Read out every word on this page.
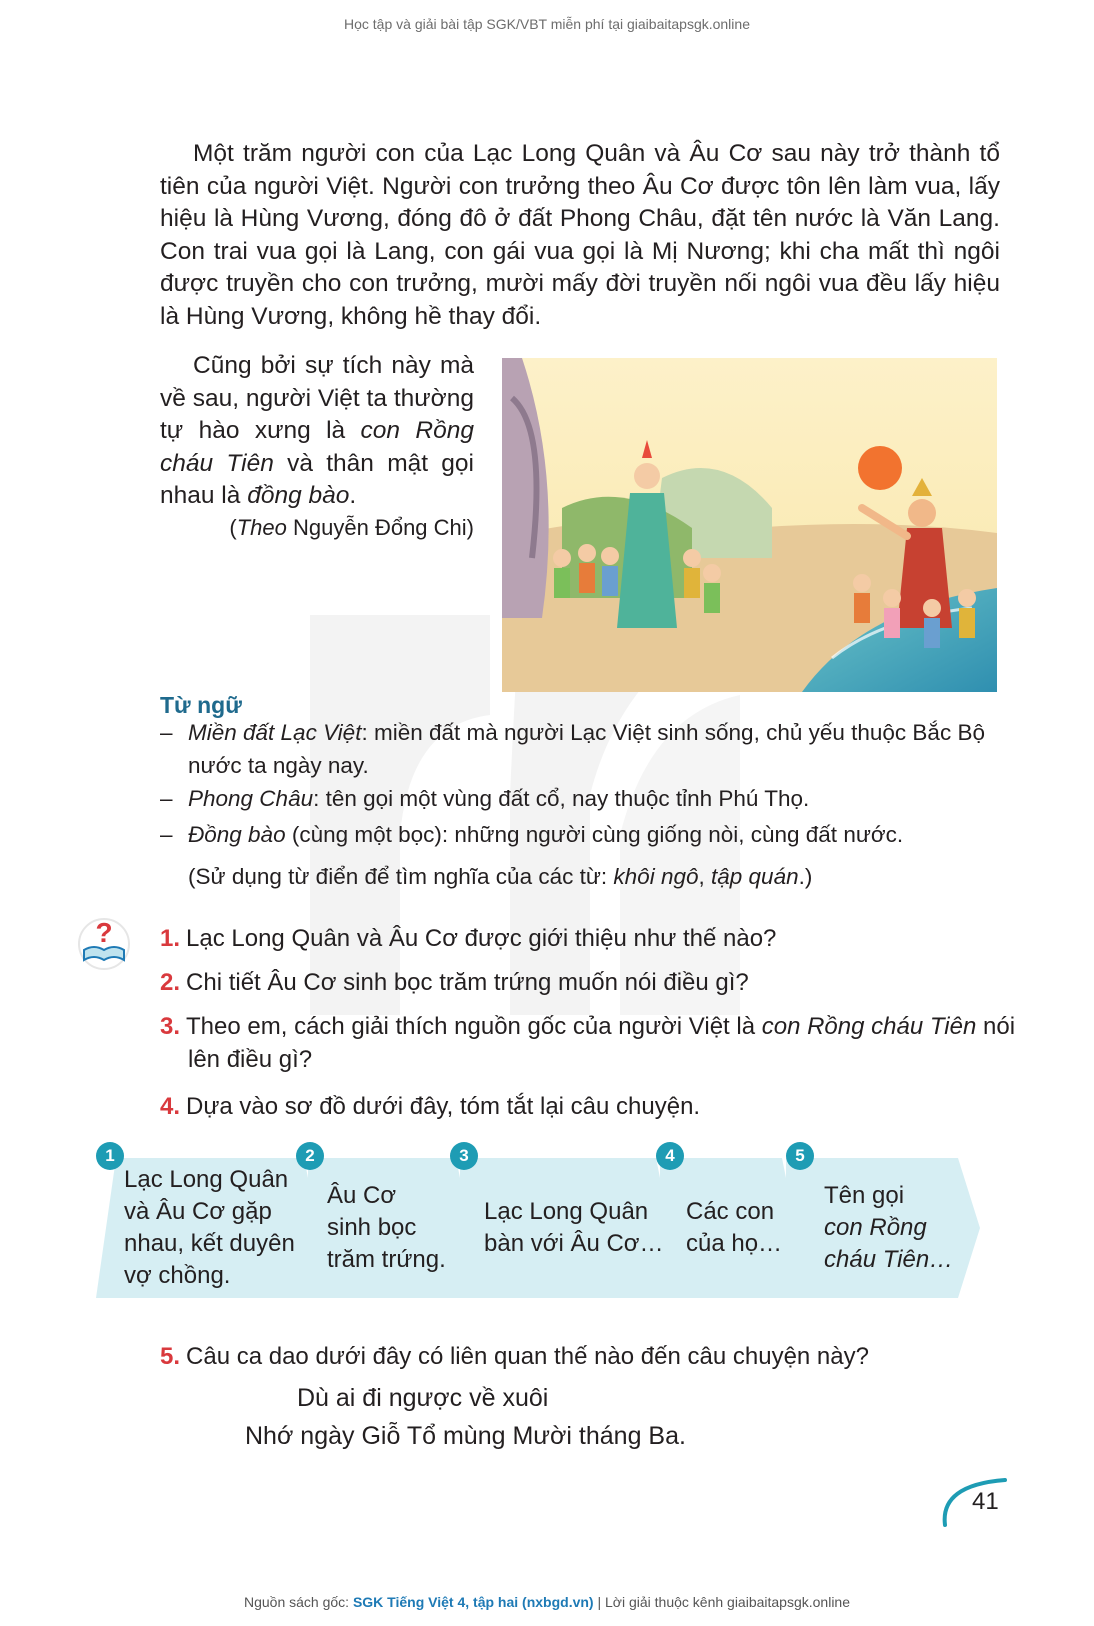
Học tập và giải bài tập SGK/VBT miễn phí tại giaibaitapsgk.online

Một trăm người con của Lạc Long Quân và Âu Cơ sau này trở thành tổ tiên của người Việt. Người con trưởng theo Âu Cơ được tôn lên làm vua, lấy hiệu là Hùng Vương, đóng đô ở đất Phong Châu, đặt tên nước là Văn Lang. Con trai vua gọi là Lang, con gái vua gọi là Mị Nương; khi cha mất thì ngôi được truyền cho con trưởng, mười mấy đời truyền nối ngôi vua đều lấy hiệu là Hùng Vương, không hề thay đổi.

Cũng bởi sự tích này mà về sau, người Việt ta thường tự hào xưng là con Rồng cháu Tiên và thân mật gọi nhau là đồng bào.

(Theo Nguyễn Đổng Chi)
Từ ngữ
– Miền đất Lạc Việt: miền đất mà người Lạc Việt sinh sống, chủ yếu thuộc Bắc Bộ nước ta ngày nay.
– Phong Châu: tên gọi một vùng đất cổ, nay thuộc tỉnh Phú Thọ.
– Đồng bào (cùng một bọc): những người cùng giống nòi, cùng đất nước.
(Sử dụng từ điển để tìm nghĩa của các từ: khôi ngô, tập quán.)
? 1. Lạc Long Quân và Âu Cơ được giới thiệu như thế nào?
2. Chi tiết Âu Cơ sinh bọc trăm trứng muốn nói điều gì?
3. Theo em, cách giải thích nguồn gốc của người Việt là con Rồng cháu Tiên nói lên điều gì?
4. Dựa vào sơ đồ dưới đây, tóm tắt lại câu chuyện.
1	2	3	4	5
Lạc Long Quân
và Âu Cơ gặp
nhau, kết duyên
vợ chồng.
Âu Cơ
sinh bọc
trăm trứng.
Lạc Long Quân
bàn với Âu Cơ…
Các con
của họ…
Tên gọi
con Rồng
cháu Tiên…
5. Câu ca dao dưới đây có liên quan thế nào đến câu chuyện này?
Dù ai đi ngược về xuôi
Nhớ ngày Giỗ Tổ mùng Mười tháng Ba.
41
Nguồn sách gốc: SGK Tiếng Việt 4, tập hai (nxbgd.vn) | Lời giải thuộc kênh giaibaitapsgk.online
